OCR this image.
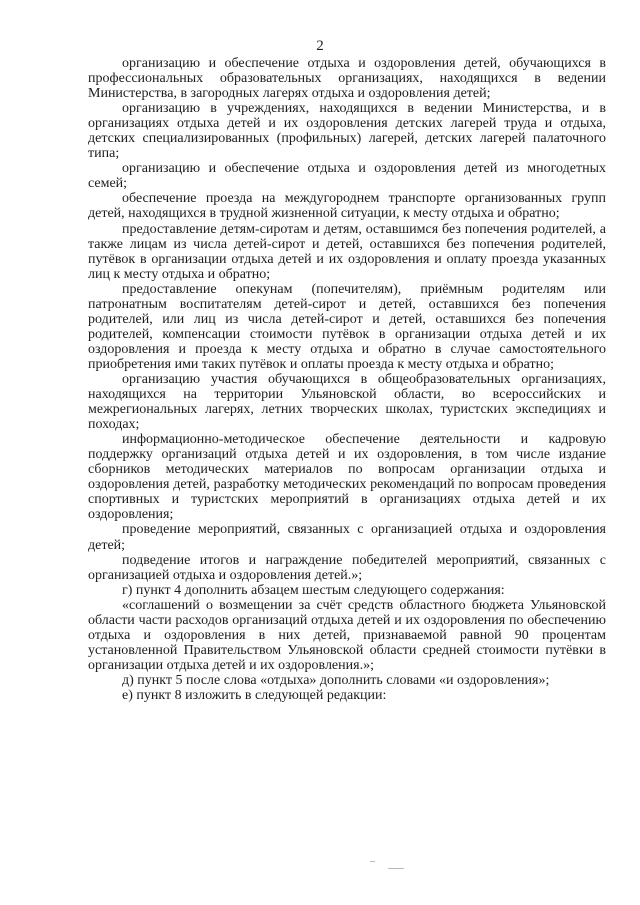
2

организацию и обеспечение отдыха и оздоровления детей, обучающихся в профессиональных образовательных организациях, находящихся в ведении Министерства, в загородных лагерях отдыха и оздоровления детей;

организацию в учреждениях, находящихся в ведении Министерства, и в организациях отдыха детей и их оздоровления детских лагерей труда и отдыха, детских специализированных (профильных) лагерей, детских лагерей палаточного типа;

организацию и обеспечение отдыха и оздоровления детей из многодетных семей;

обеспечение проезда на междугороднем транспорте организованных групп детей, находящихся в трудной жизненной ситуации, к месту отдыха и обратно;

предоставление детям-сиротам и детям, оставшимся без попечения родителей, а также лицам из числа детей-сирот и детей, оставшихся без попечения родителей, путёвок в организации отдыха детей и их оздоровления и оплату проезда указанных лиц к месту отдыха и обратно;

предоставление опекунам (попечителям), приёмным родителям или патронатным воспитателям детей-сирот и детей, оставшихся без попечения родителей, или лиц из числа детей-сирот и детей, оставшихся без попечения родителей, компенсации стоимости путёвок в организации отдыха детей и их оздоровления и проезда к месту отдыха и обратно в случае самостоятельного приобретения ими таких путёвок и оплаты проезда к месту отдыха и обратно;

организацию участия обучающихся в общеобразовательных организациях, находящихся на территории Ульяновской области, во всероссийских и межрегиональных лагерях, летних творческих школах, туристских экспедициях и походах;

информационно-методическое обеспечение деятельности и кадровую поддержку организаций отдыха детей и их оздоровления, в том числе издание сборников методических материалов по вопросам организации отдыха и оздоровления детей, разработку методических рекомендаций по вопросам проведения спортивных и туристских мероприятий в организациях отдыха детей и их оздоровления;

проведение мероприятий, связанных с организацией отдыха и оздоровления детей;

подведение итогов и награждение победителей мероприятий, связанных с организацией отдыха и оздоровления детей.»;

г) пункт 4 дополнить абзацем шестым следующего содержания:

«соглашений о возмещении за счёт средств областного бюджета Ульяновской области части расходов организаций отдыха детей и их оздоровления по обеспечению отдыха и оздоровления в них детей, признаваемой равной 90 процентам установленной Правительством Ульяновской области средней стоимости путёвки в организации отдыха детей и их оздоровления.»;

д) пункт 5 после слова «отдыха» дополнить словами «и оздоровления»;

е) пункт 8 изложить в следующей редакции:
